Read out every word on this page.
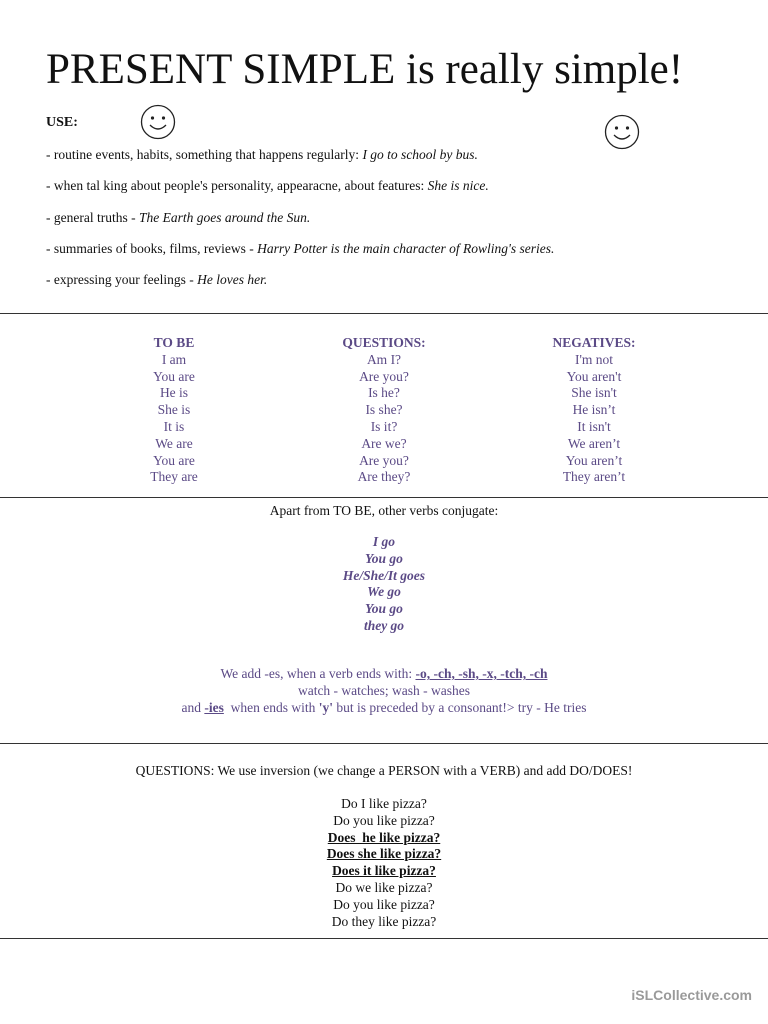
PRESENT SIMPLE is really simple!
USE:
- routine events, habits, something that happens regularly: I go to school by bus.
- when tal king about people's personality, appearacne, about features: She is nice.
- general truths - The Earth goes around the Sun.
- summaries of books, films, reviews - Harry Potter is the main character of Rowling's series.
- expressing your feelings - He loves her.
TO BE
I am
You are
He is
She is
It is
We are
You are
They are
QUESTIONS:
Am I?
Are you?
Is he?
Is she?
Is it?
Are we?
Are you?
Are they?
NEGATIVES:
I'm not
You aren't
She isn't
He isn’t
It isn't
We aren’t
You aren’t
They aren’t
Apart from TO BE, other verbs conjugate:
I go
You go
He/She/It goes
We go
You go
they go
We add -es, when a verb ends with: -o, -ch, -sh, -x, -tch, -ch
watch - watches; wash - washes
and -ies  when ends with 'y' but is preceded by a consonant!> try - He tries
QUESTIONS: We use inversion (we change a PERSON with a VERB) and add DO/DOES!
Do I like pizza?
Do you like pizza?
Does  he like pizza?
Does she like pizza?
Does it like pizza?
Do we like pizza?
Do you like pizza?
Do they like pizza?
iSLCollective.com
